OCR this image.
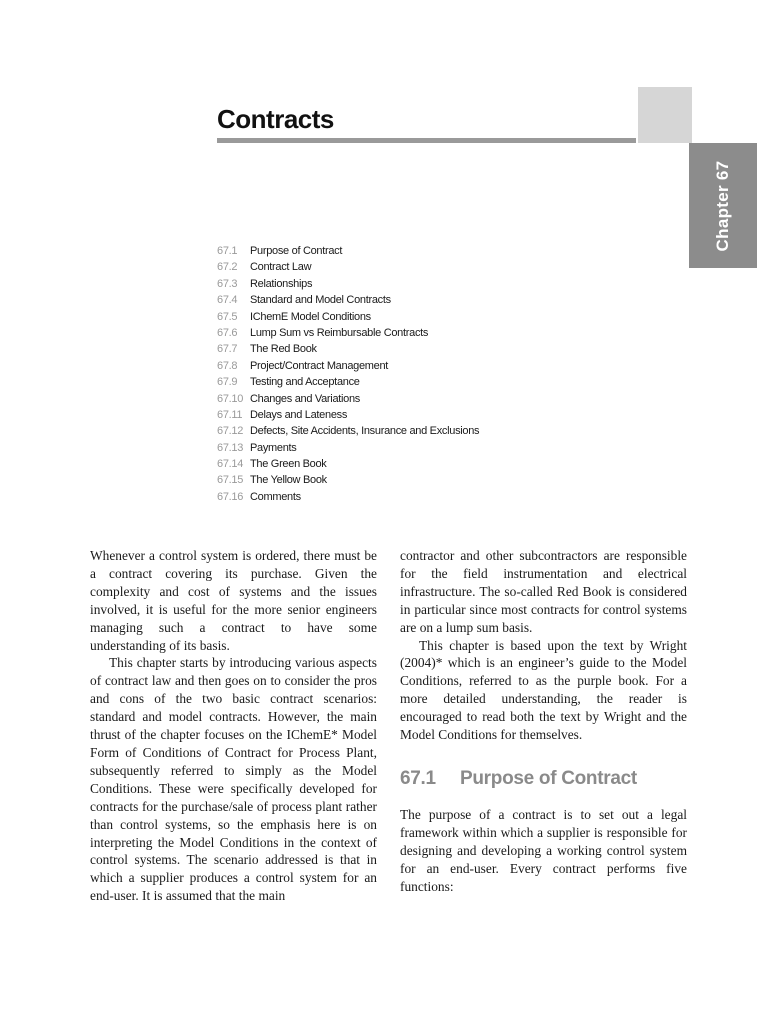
Chapter 67
Contracts
67.1 Purpose of Contract
67.2 Contract Law
67.3 Relationships
67.4 Standard and Model Contracts
67.5 IChemE Model Conditions
67.6 Lump Sum vs Reimbursable Contracts
67.7 The Red Book
67.8 Project/Contract Management
67.9 Testing and Acceptance
67.10 Changes and Variations
67.11 Delays and Lateness
67.12 Defects, Site Accidents, Insurance and Exclusions
67.13 Payments
67.14 The Green Book
67.15 The Yellow Book
67.16 Comments

Whenever a control system is ordered, there must be a contract covering its purchase. Given the complexity and cost of systems and the issues involved, it is useful for the more senior engineers managing such a contract to have some understanding of its basis.

This chapter starts by introducing various aspects of contract law and then goes on to consider the pros and cons of the two basic contract scenarios: standard and model contracts. However, the main thrust of the chapter focuses on the IChemE* Model Form of Conditions of Contract for Process Plant, subsequently referred to simply as the Model Conditions. These were specifically developed for contracts for the purchase/sale of process plant rather than control systems, so the emphasis here is on interpreting the Model Conditions in the context of control systems. The scenario addressed is that in which a supplier produces a control system for an end-user. It is assumed that the main

contractor and other subcontractors are responsible for the field instrumentation and electrical infrastructure. The so-called Red Book is considered in particular since most contracts for control systems are on a lump sum basis.

This chapter is based upon the text by Wright (2004)* which is an engineer’s guide to the Model Conditions, referred to as the purple book. For a more detailed understanding, the reader is encouraged to read both the text by Wright and the Model Conditions for themselves.

67.1 Purpose of Contract

The purpose of a contract is to set out a legal framework within which a supplier is responsible for designing and developing a working control system for an end-user. Every contract performs five functions:
